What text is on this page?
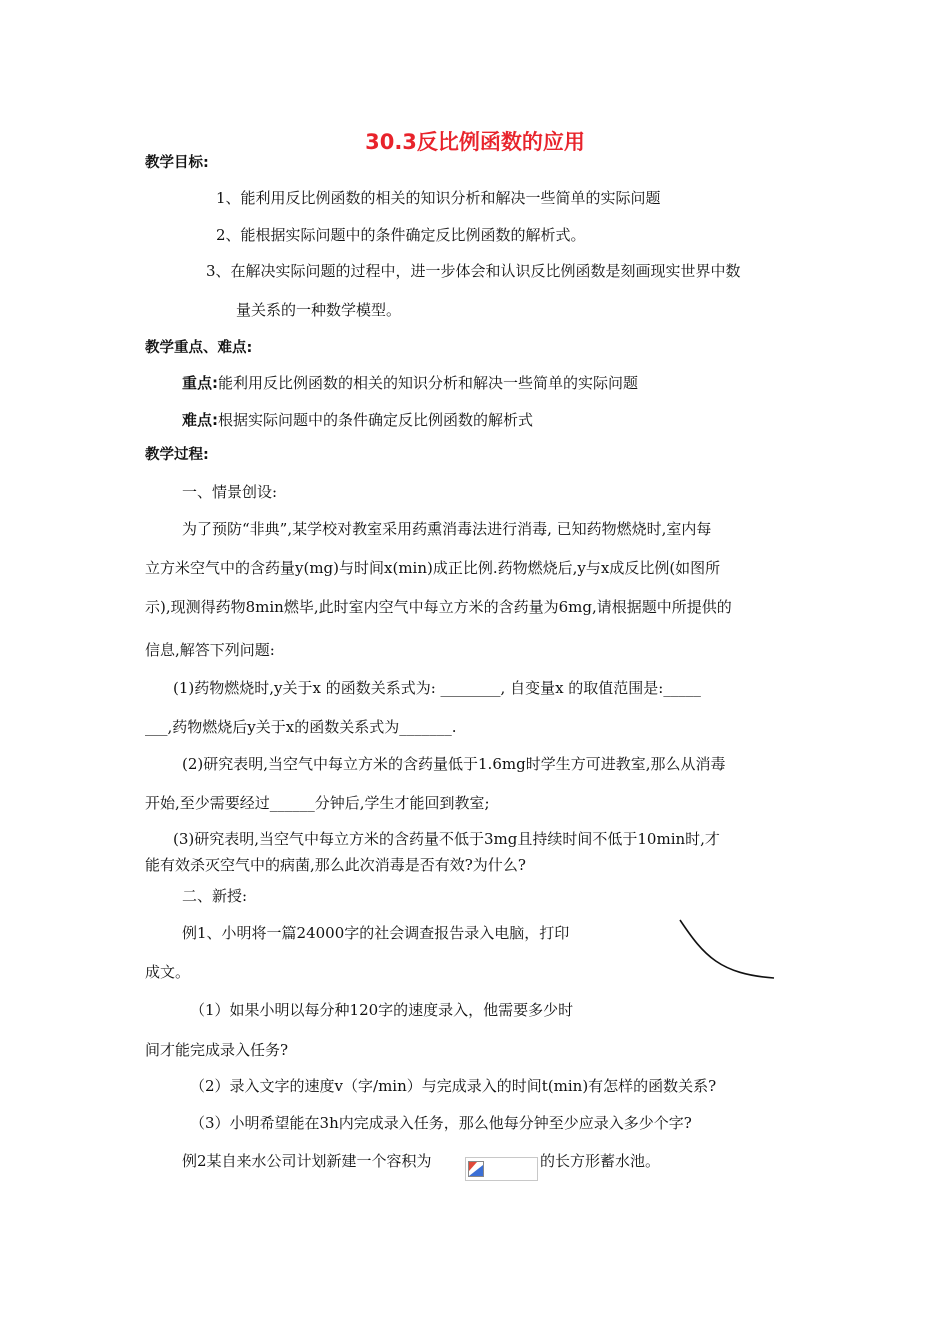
30.3反比例函数的应用
教学目标:
1、能利用反比例函数的相关的知识分析和解决一些简单的实际问题
2、能根据实际问题中的条件确定反比例函数的解析式。
3、在解决实际问题的过程中，进一步体会和认识反比例函数是刻画现实世界中数
量关系的一种数学模型。
教学重点、难点:
重点:能利用反比例函数的相关的知识分析和解决一些简单的实际问题
难点:根据实际问题中的条件确定反比例函数的解析式
教学过程:
一、情景创设:
为了预防“非典”,某学校对教室采用药熏消毒法进行消毒, 已知药物燃烧时,室内每
立方米空气中的含药量y(mg)与时间x(min)成正比例.药物燃烧后,y与x成反比例(如图所
示),现测得药物8min燃毕,此时室内空气中每立方米的含药量为6mg,请根据题中所提供的
信息,解答下列问题:
(1)药物燃烧时,y关于x 的函数关系式为: ________, 自变量x 的取值范围是:_____
___,药物燃烧后y关于x的函数关系式为_______.
(2)研究表明,当空气中每立方米的含药量低于1.6mg时学生方可进教室,那么从消毒
开始,至少需要经过______分钟后,学生才能回到教室;
(3)研究表明,当空气中每立方米的含药量不低于3mg且持续时间不低于10min时,才
能有效杀灭空气中的病菌,那么此次消毒是否有效?为什么?
二、新授:
例1、小明将一篇24000字的社会调查报告录入电脑，打印
成文。
（1）如果小明以每分种120字的速度录入，他需要多少时
间才能完成录入任务?
（2）录入文字的速度v（字/min）与完成录入的时间t(min)有怎样的函数关系?
（3）小明希望能在3h内完成录入任务，那么他每分钟至少应录入多少个字?
例2某自来水公司计划新建一个容积为	的长方形蓄水池。
